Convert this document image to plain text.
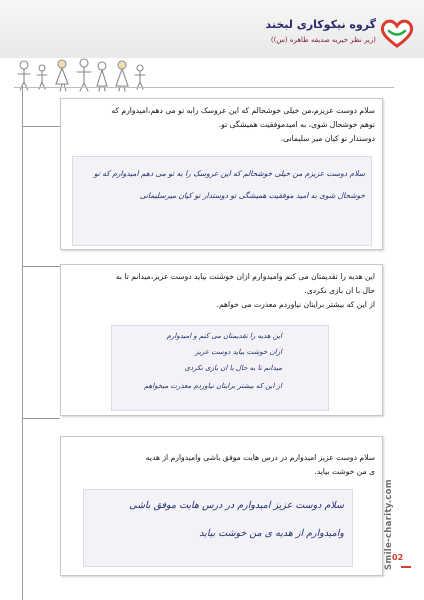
گروه نیکوکاری لبخند
(زیر نظر خیریه صدیقه طاهره (س))

سلام دوست عزیزم،من خیلی خوشحالم که این عروسک رابه تو می دهم،امیدوارم که

توهم خوشحال شوی، به امیدموفقیت همیشگی تو.

دوستدار تو کیان میر سلیمانی.

سلام دوست عزیزم من خیلی خوشحالم که این عروسک را به تو می دهم امیدوارم که تو
خوشحال شوی به امید موفقیت همیشگی تو دوستدار تو کیان میرسلیمانی

این هدیه را تقدیمتان می کنم وامیدوارم ازان خوشتت بیاید دوست عزیز،میدانم تا به

حال با ان بازی نکردی.

از این که بیشتر برایتان نیاوردم معذرت می خواهم.

این هدیه را تقدیمتان می کنم و امیدوارم
ازان خوشت بیاید دوست عزیز
میدانم تا به حال با ان بازی نکردی
از این که بیشتر برایتان نیاوردم معذرت میخواهم

سلام دوست عزیز امیدوارم در درس هایت موفق باشی وامیدوارم از هدیه

ی من خوشت بیاید.

سلام دوست عزیز امیدوارم در درس هایت موفق باشی
وامیدوارم از هدیه ی من خوشت بیاید	Smile-charity.com
02
